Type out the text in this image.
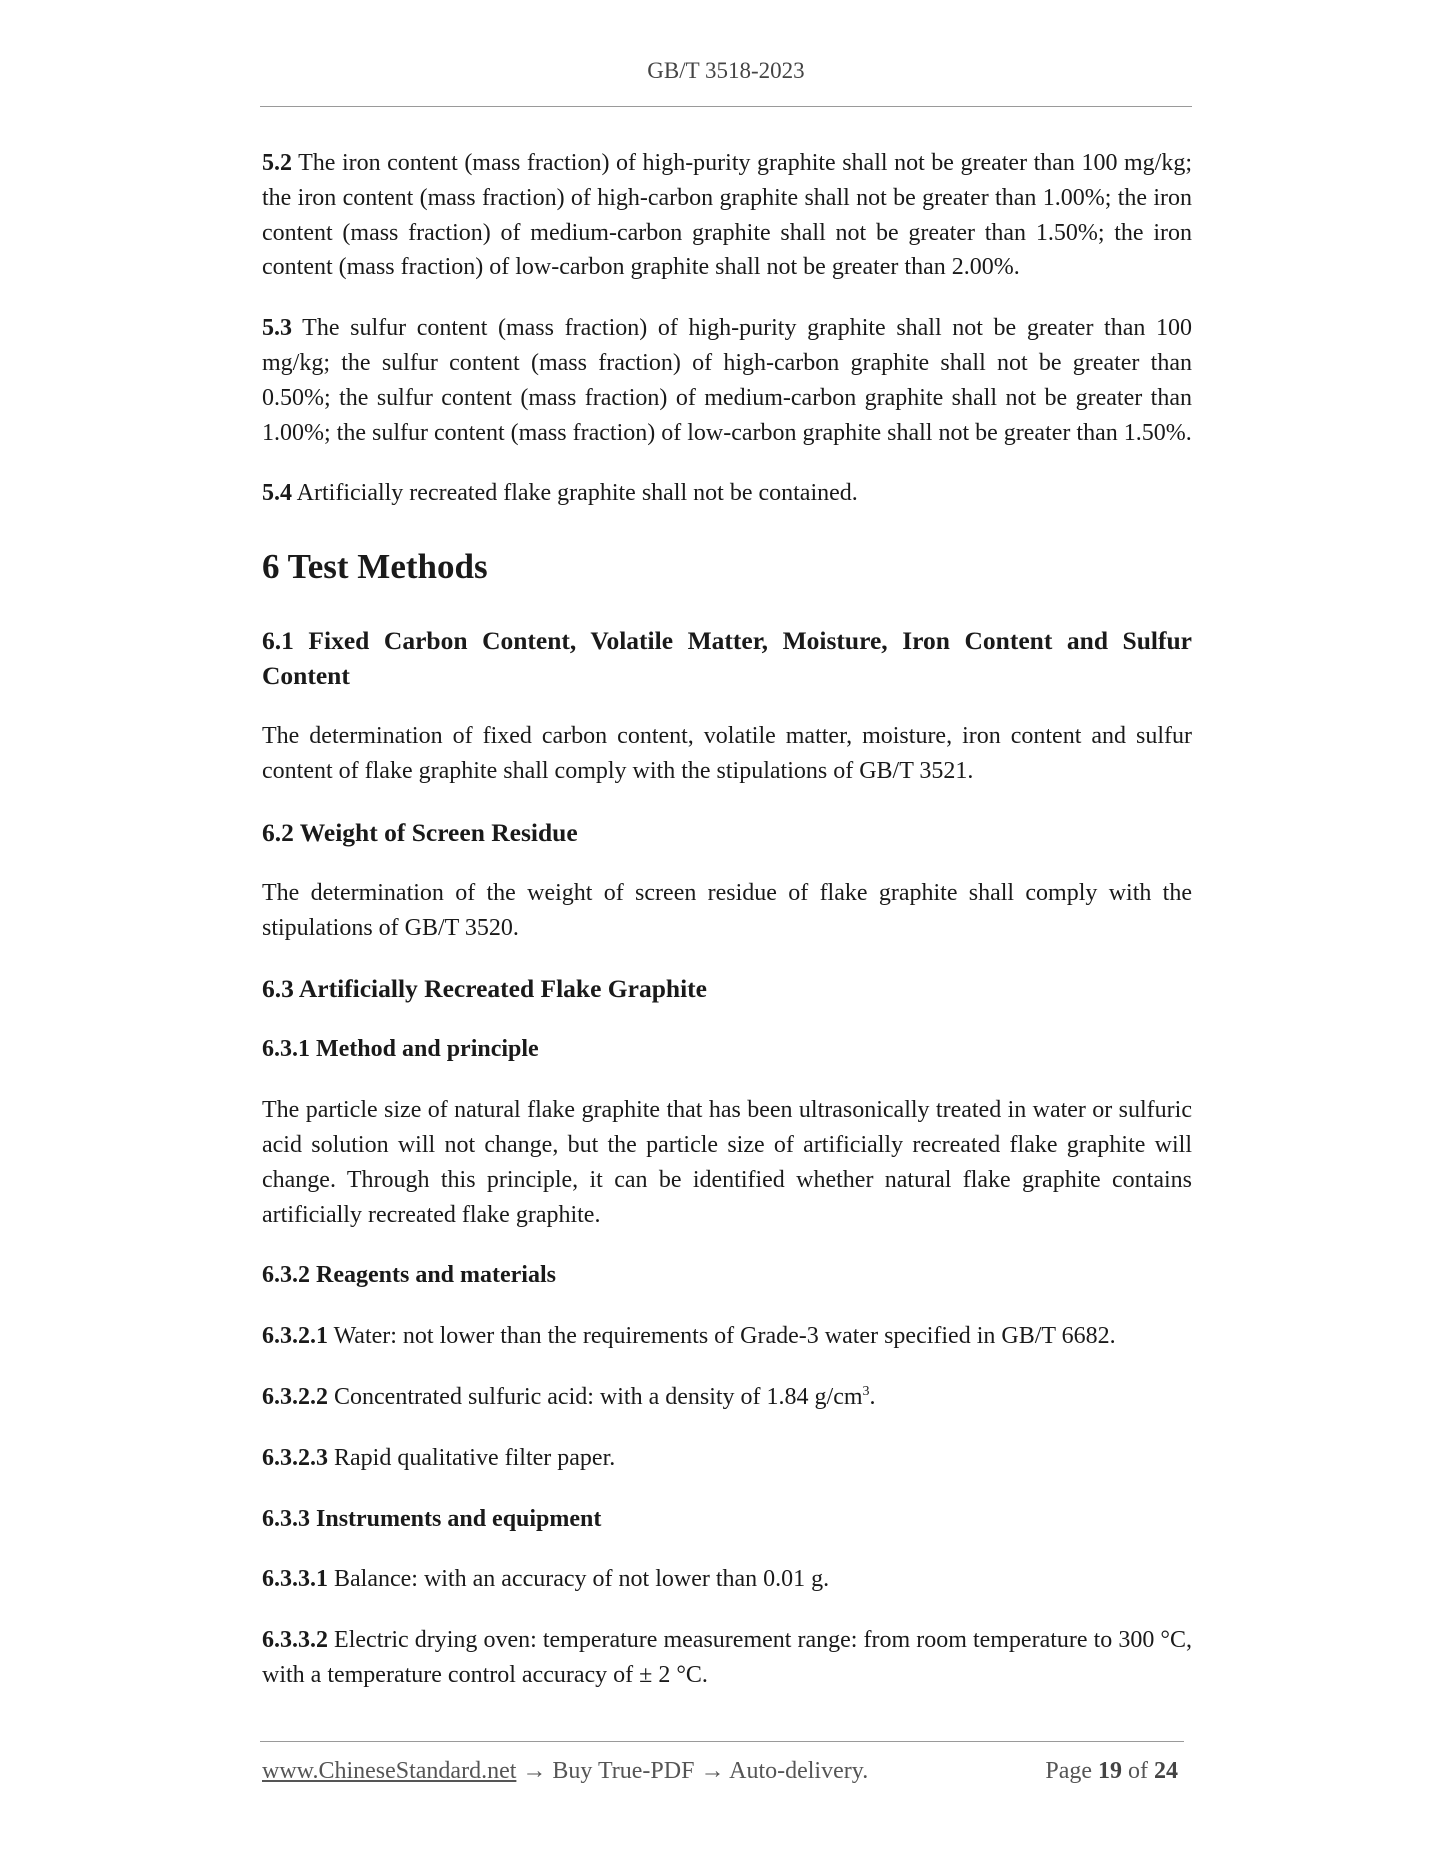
GB/T 3518-2023

5.2 The iron content (mass fraction) of high-purity graphite shall not be greater than 100 mg/kg; the iron content (mass fraction) of high-carbon graphite shall not be greater than 1.00%; the iron content (mass fraction) of medium-carbon graphite shall not be greater than 1.50%; the iron content (mass fraction) of low-carbon graphite shall not be greater than 2.00%.

5.3 The sulfur content (mass fraction) of high-purity graphite shall not be greater than 100 mg/kg; the sulfur content (mass fraction) of high-carbon graphite shall not be greater than 0.50%; the sulfur content (mass fraction) of medium-carbon graphite shall not be greater than 1.00%; the sulfur content (mass fraction) of low-carbon graphite shall not be greater than 1.50%.

5.4 Artificially recreated flake graphite shall not be contained.

6 Test Methods
6.1 Fixed Carbon Content, Volatile Matter, Moisture, Iron Content and Sulfur Content

The determination of fixed carbon content, volatile matter, moisture, iron content and sulfur content of flake graphite shall comply with the stipulations of GB/T 3521.

6.2 Weight of Screen Residue

The determination of the weight of screen residue of flake graphite shall comply with the stipulations of GB/T 3520.

6.3 Artificially Recreated Flake Graphite
6.3.1 Method and principle

The particle size of natural flake graphite that has been ultrasonically treated in water or sulfuric acid solution will not change, but the particle size of artificially recreated flake graphite will change. Through this principle, it can be identified whether natural flake graphite contains artificially recreated flake graphite.

6.3.2 Reagents and materials

6.3.2.1 Water: not lower than the requirements of Grade-3 water specified in GB/T 6682.

6.3.2.2 Concentrated sulfuric acid: with a density of 1.84 $g/cm^3$.

6.3.2.3 Rapid qualitative filter paper.

6.3.3 Instruments and equipment

6.3.3.1 Balance: with an accuracy of not lower than 0.01 g.

6.3.3.2 Electric drying oven: temperature measurement range: from room temperature to 300 °C, with a temperature control accuracy of ± 2 °C.

www.ChineseStandard.net → Buy True-PDF → Auto-delivery.	Page 19 of 24
